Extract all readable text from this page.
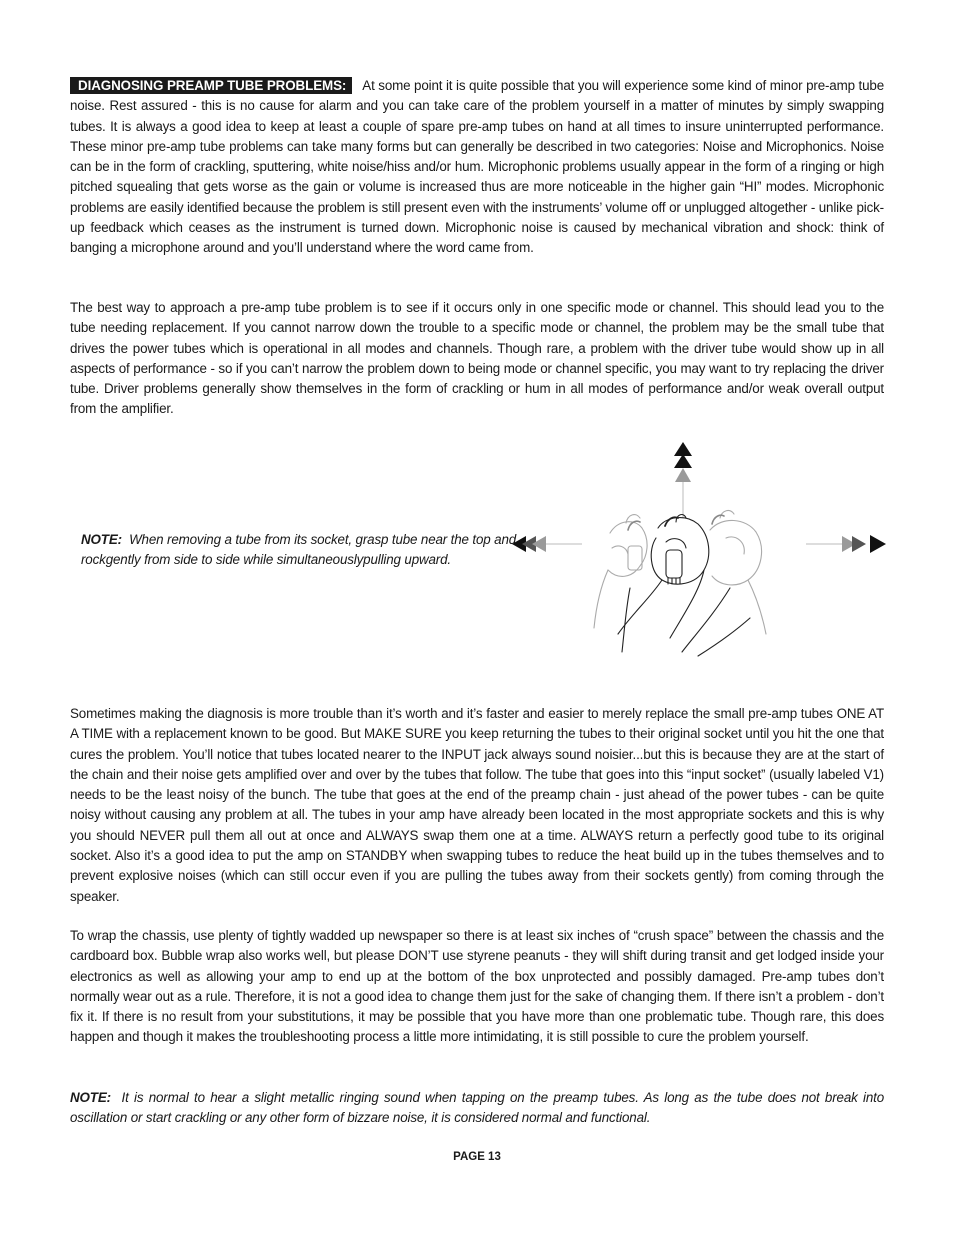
DIAGNOSING PREAMP TUBE PROBLEMS: At some point it is quite possible that you will experience some kind of minor pre-amp tube noise. Rest assured - this is no cause for alarm and you can take care of the problem yourself in a matter of minutes by simply swapping tubes. It is always a good idea to keep at least a couple of spare pre-amp tubes on hand at all times to insure uninterrupted performance. These minor pre-amp tube problems can take many forms but can generally be described in two categories: Noise and Microphonics. Noise can be in the form of crackling, sputtering, white noise/hiss and/or hum. Microphonic problems usually appear in the form of a ringing or high pitched squealing that gets worse as the gain or volume is increased thus are more noticeable in the higher gain “HI” modes. Microphonic problems are easily identified because the problem is still present even with the instruments’ volume off or unplugged altogether - unlike pick-up feedback which ceases as the instrument is turned down. Microphonic noise is caused by mechanical vibration and shock: think of banging a microphone around and you’ll understand where the word came from.

The best way to approach a pre-amp tube problem is to see if it occurs only in one specific mode or channel. This should lead you to the tube needing replacement. If you cannot narrow down the trouble to a specific mode or channel, the problem may be the small tube that drives the power tubes which is operational in all modes and channels. Though rare, a problem with the driver tube would show up in all aspects of performance - so if you can’t narrow the problem down to being mode or channel specific, you may want to try replacing the driver tube. Driver problems generally show themselves in the form of crackling or hum in all modes of performance and/or weak overall output from the amplifier.

NOTE: When removing a tube from its socket, grasp tube near the top and rockgently from side to side while simultaneouslypulling upward.

Sometimes making the diagnosis is more trouble than it’s worth and it’s faster and easier to merely replace the small pre-amp tubes ONE AT A TIME with a replacement known to be good. But MAKE SURE you keep returning the tubes to their original socket until you hit the one that cures the problem. You’ll notice that tubes located nearer to the INPUT jack always sound noisier...but this is because they are at the start of the chain and their noise gets amplified over and over by the tubes that follow. The tube that goes into this “input socket” (usually labeled V1) needs to be the least noisy of the bunch. The tube that goes at the end of the preamp chain - just ahead of the power tubes - can be quite noisy without causing any problem at all. The tubes in your amp have already been located in the most appropriate sockets and this is why you should NEVER pull them all out at once and ALWAYS swap them one at a time. ALWAYS return a perfectly good tube to its original socket. Also it’s a good idea to put the amp on STANDBY when swapping tubes to reduce the heat build up in the tubes themselves and to prevent explosive noises (which can still occur even if you are pulling the tubes away from their sockets gently) from coming through the speaker.

To wrap the chassis, use plenty of tightly wadded up newspaper so there is at least six inches of “crush space” between the chassis and the cardboard box. Bubble wrap also works well, but please DON’T use styrene peanuts - they will shift during transit and get lodged inside your electronics as well as allowing your amp to end up at the bottom of the box unprotected and possibly damaged. Pre-amp tubes don’t normally wear out as a rule. Therefore, it is not a good idea to change them just for the sake of changing them. If there isn’t a problem - don’t fix it. If there is no result from your substitutions, it may be possible that you have more than one problematic tube. Though rare, this does happen and though it makes the troubleshooting process a little more intimidating, it is still possible to cure the problem yourself.

NOTE: It is normal to hear a slight metallic ringing sound when tapping on the preamp tubes. As long as the tube does not break into oscillation or start crackling or any other form of bizzare noise, it is considered normal and functional.

PAGE 13
